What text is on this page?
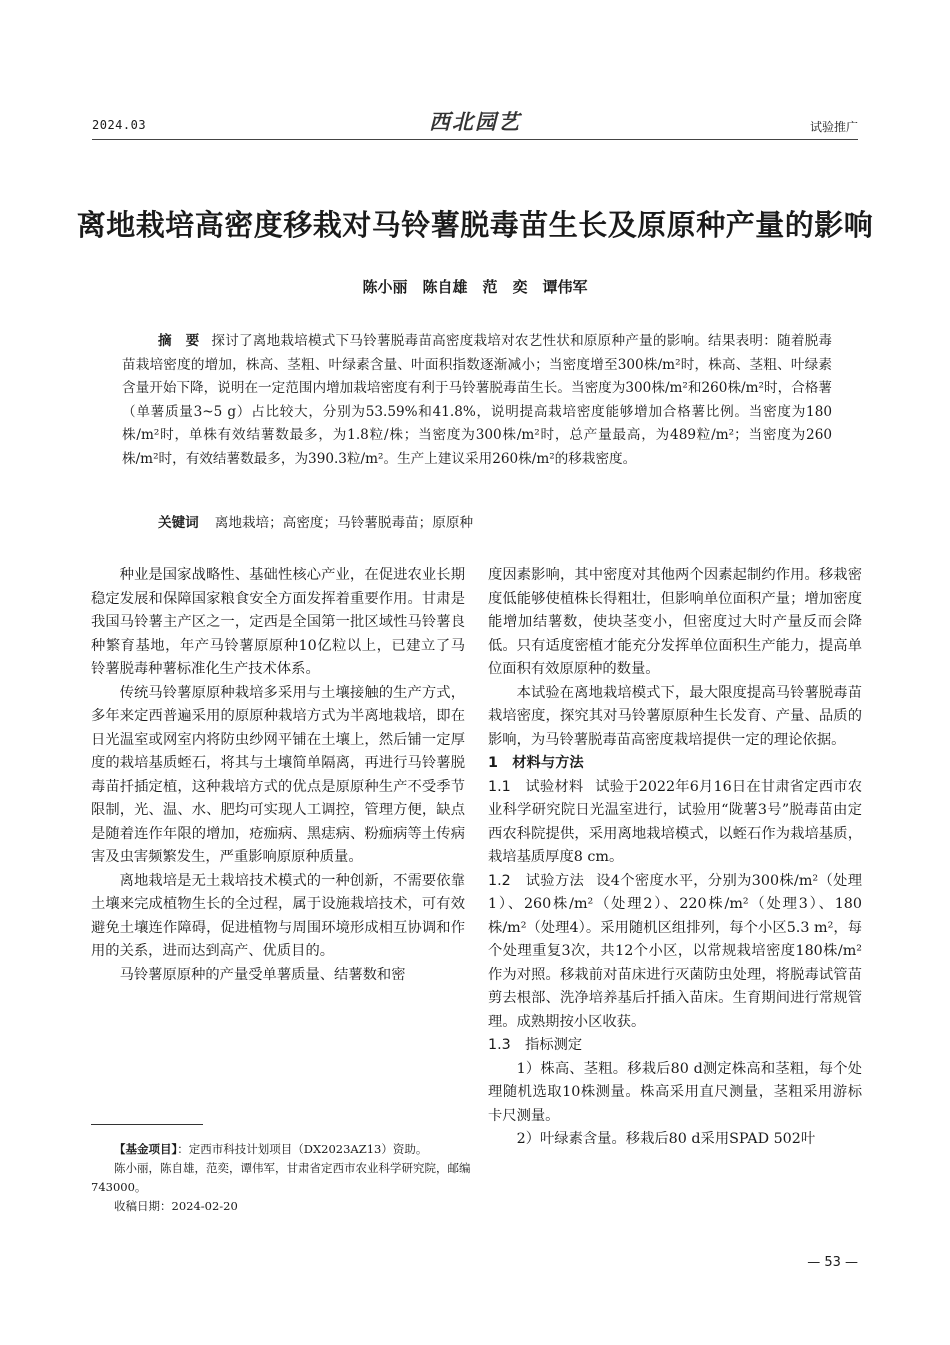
2024.03	西北园艺	试验推广
离地栽培高密度移栽对马铃薯脱毒苗生长及原原种产量的影响
陈小丽　陈自雄　范　奕　谭伟军
摘　要 探讨了离地栽培模式下马铃薯脱毒苗高密度栽培对农艺性状和原原种产量的影响。结果表明：随着脱毒苗栽培密度的增加，株高、茎粗、叶绿素含量、叶面积指数逐渐减小；当密度增至300株/m²时，株高、茎粗、叶绿素含量开始下降，说明在一定范围内增加栽培密度有利于马铃薯脱毒苗生长。当密度为300株/m²和260株/m²时，合格薯（单薯质量3~5 g）占比较大，分别为53.59%和41.8%，说明提高栽培密度能够增加合格薯比例。当密度为180株/m²时，单株有效结薯数最多，为1.8粒/株；当密度为300株/m²时，总产量最高，为489粒/m²；当密度为260株/m²时，有效结薯数最多，为390.3粒/m²。生产上建议采用260株/m²的移栽密度。
关键词 离地栽培；高密度；马铃薯脱毒苗；原原种

种业是国家战略性、基础性核心产业，在促进农业长期稳定发展和保障国家粮食安全方面发挥着重要作用。甘肃是我国马铃薯主产区之一，定西是全国第一批区域性马铃薯良种繁育基地，年产马铃薯原原种10亿粒以上，已建立了马铃薯脱毒种薯标准化生产技术体系。

传统马铃薯原原种栽培多采用与土壤接触的生产方式，多年来定西普遍采用的原原种栽培方式为半离地栽培，即在日光温室或网室内将防虫纱网平铺在土壤上，然后铺一定厚度的栽培基质蛭石，将其与土壤简单隔离，再进行马铃薯脱毒苗扦插定植，这种栽培方式的优点是原原种生产不受季节限制，光、温、水、肥均可实现人工调控，管理方便，缺点是随着连作年限的增加，疮痂病、黑痣病、粉痂病等土传病害及虫害频繁发生，严重影响原原种质量。

离地栽培是无土栽培技术模式的一种创新，不需要依靠土壤来完成植物生长的全过程，属于设施栽培技术，可有效避免土壤连作障碍，促进植物与周围环境形成相互协调和作用的关系，进而达到高产、优质目的。

马铃薯原原种的产量受单薯质量、结薯数和密

度因素影响，其中密度对其他两个因素起制约作用。移栽密度低能够使植株长得粗壮，但影响单位面积产量；增加密度能增加结薯数，使块茎变小，但密度过大时产量反而会降低。只有适度密植才能充分发挥单位面积生产能力，提高单位面积有效原原种的数量。

本试验在离地栽培模式下，最大限度提高马铃薯脱毒苗栽培密度，探究其对马铃薯原原种生长发育、产量、品质的影响，为马铃薯脱毒苗高密度栽培提供一定的理论依据。

1　材料与方法

1.1　试验材料 试验于2022年6月16日在甘肃省定西市农业科学研究院日光温室进行，试验用“陇薯3号”脱毒苗由定西农科院提供，采用离地栽培模式，以蛭石作为栽培基质，栽培基质厚度8 cm。

1.2　试验方法 设4个密度水平，分别为300株/m²（处理1）、260株/m²（处理2）、220株/m²（处理3）、180株/m²（处理4）。采用随机区组排列，每个小区5.3 m²，每个处理重复3次，共12个小区，以常规栽培密度180株/m²作为对照。移栽前对苗床进行灭菌防虫处理，将脱毒试管苗剪去根部、洗净培养基后扦插入苗床。生育期间进行常规管理。成熟期按小区收获。

1.3　指标测定

1）株高、茎粗。移栽后80 d测定株高和茎粗，每个处理随机选取10株测量。株高采用直尺测量，茎粗采用游标卡尺测量。

2）叶绿素含量。移栽后80 d采用SPAD 502叶

【基金项目】：定西市科技计划项目（DX2023AZ13）资助。

陈小丽，陈自雄，范奕，谭伟军，甘肃省定西市农业科学研究院，邮编743000。

收稿日期：2024-02-20

— 53 —
